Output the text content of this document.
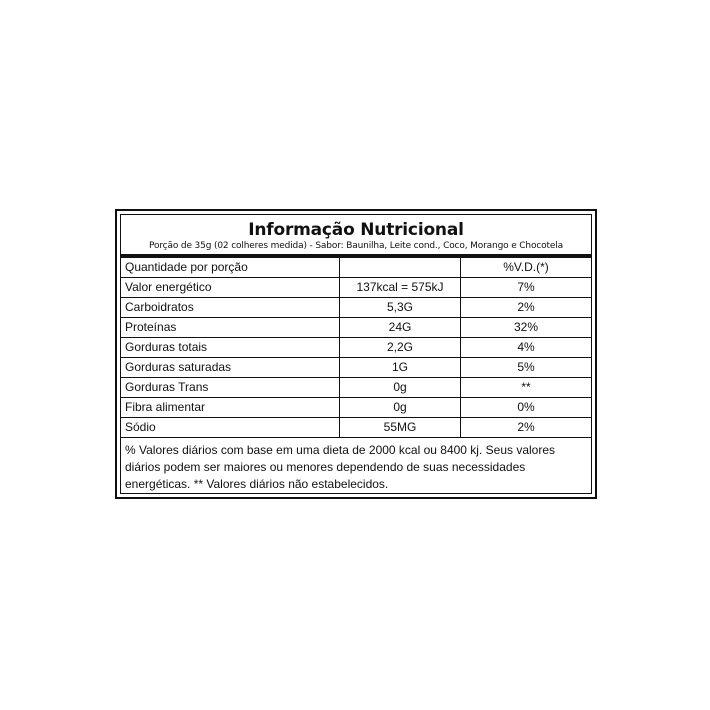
Informação Nutricional
Porção de 35g (02 colheres medida) - Sabor: Baunilha, Leite cond., Coco, Morango e Chocotela
Quantidade por porção		%V.D.(*)
Valor energético	137kcal = 575kJ	7%
Carboidratos	5,3G	2%
Proteínas	24G	32%
Gorduras totais	2,2G	4%
Gorduras saturadas	1G	5%
Gorduras Trans	0g	**
Fibra alimentar	0g	0%
Sódio	55MG	2%
% Valores diários com base em uma dieta de 2000 kcal ou 8400 kj. Seus valores diários podem ser maiores ou menores dependendo de suas necessidades energéticas. ** Valores diários não estabelecidos.
